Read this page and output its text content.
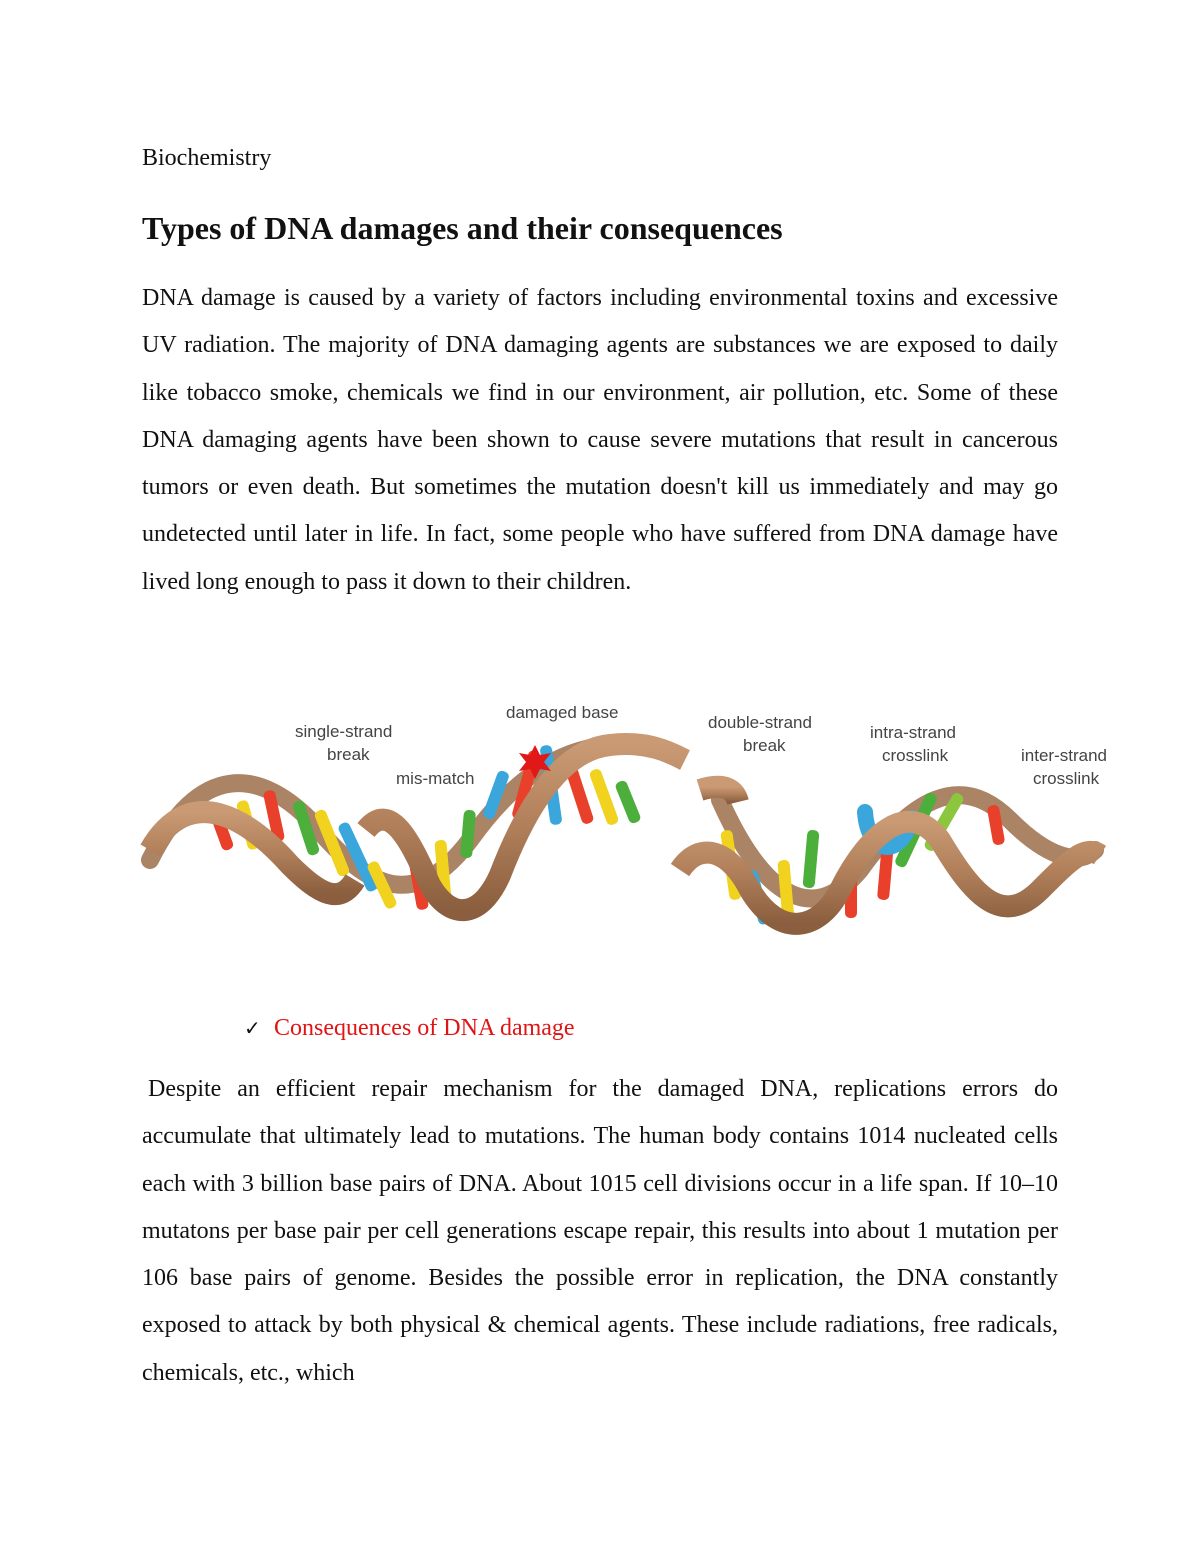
Biochemistry
Types of DNA damages and their consequences

DNA damage is caused by a variety of factors including environmental toxins and excessive UV radiation. The majority of DNA damaging agents are substances we are exposed to daily like tobacco smoke, chemicals we find in our environment, air pollution, etc. Some of these DNA damaging agents have been shown to cause severe mutations that result in cancerous tumors or even death. But sometimes the mutation doesn't kill us immediately and may go undetected until later in life. In fact, some people who have suffered from DNA damage have lived long enough to pass it down to their children.

single-strand
break
mis-match
damaged base
double-strand
break
intra-strand
crosslink	inter-strand
crosslink
✓ Consequences of DNA damage

Despite an efficient repair mechanism for the damaged DNA, replications errors do accumulate that ultimately lead to mutations. The human body contains 1014 nucleated cells each with 3 billion base pairs of DNA. About 1015 cell divisions occur in a life span. If 10–10 mutatons per base pair per cell generations escape repair, this results into about 1 mutation per 106 base pairs of genome. Besides the possible error in replication, the DNA constantly exposed to attack by both physical & chemical agents. These include radiations, free radicals, chemicals, etc., which
